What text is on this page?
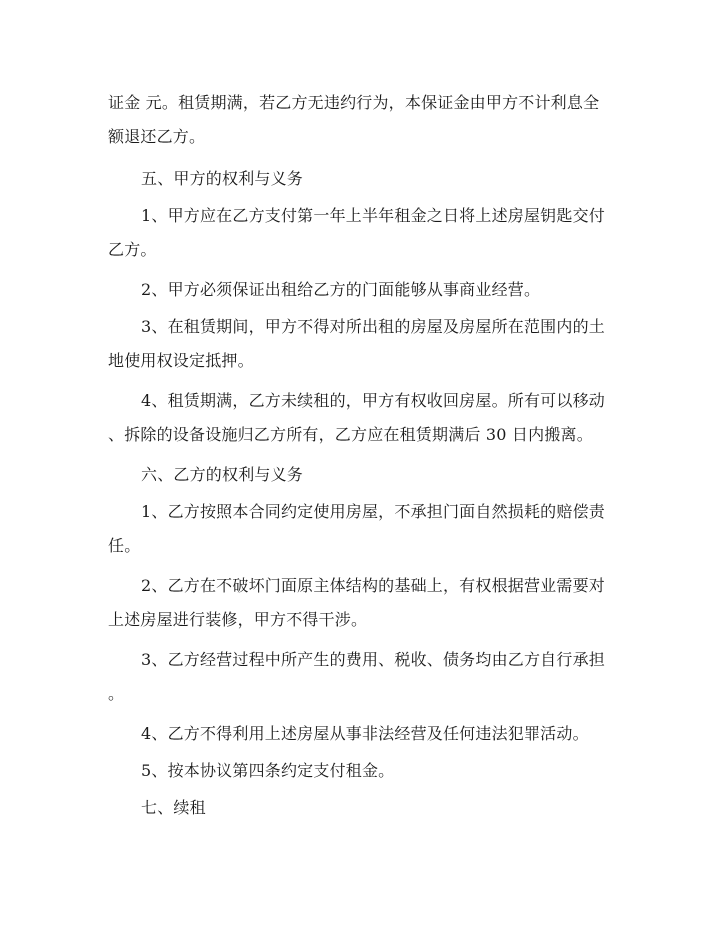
证金 元。租赁期满，若乙方无违约行为，本保证金由甲方不计利息全
额退还乙方。
五、甲方的权利与义务
1、甲方应在乙方支付第一年上半年租金之日将上述房屋钥匙交付
乙方。
2、甲方必须保证出租给乙方的门面能够从事商业经营。
3、在租赁期间，甲方不得对所出租的房屋及房屋所在范围内的土
地使用权设定抵押。
4、租赁期满，乙方未续租的，甲方有权收回房屋。所有可以移动
、拆除的设备设施归乙方所有，乙方应在租赁期满后 30 日内搬离。
六、乙方的权利与义务
1、乙方按照本合同约定使用房屋，不承担门面自然损耗的赔偿责
任。
2、乙方在不破坏门面原主体结构的基础上，有权根据营业需要对
上述房屋进行装修，甲方不得干涉。
3、乙方经营过程中所产生的费用、税收、债务均由乙方自行承担
。
4、乙方不得利用上述房屋从事非法经营及任何违法犯罪活动。
5、按本协议第四条约定支付租金。
七、续租
